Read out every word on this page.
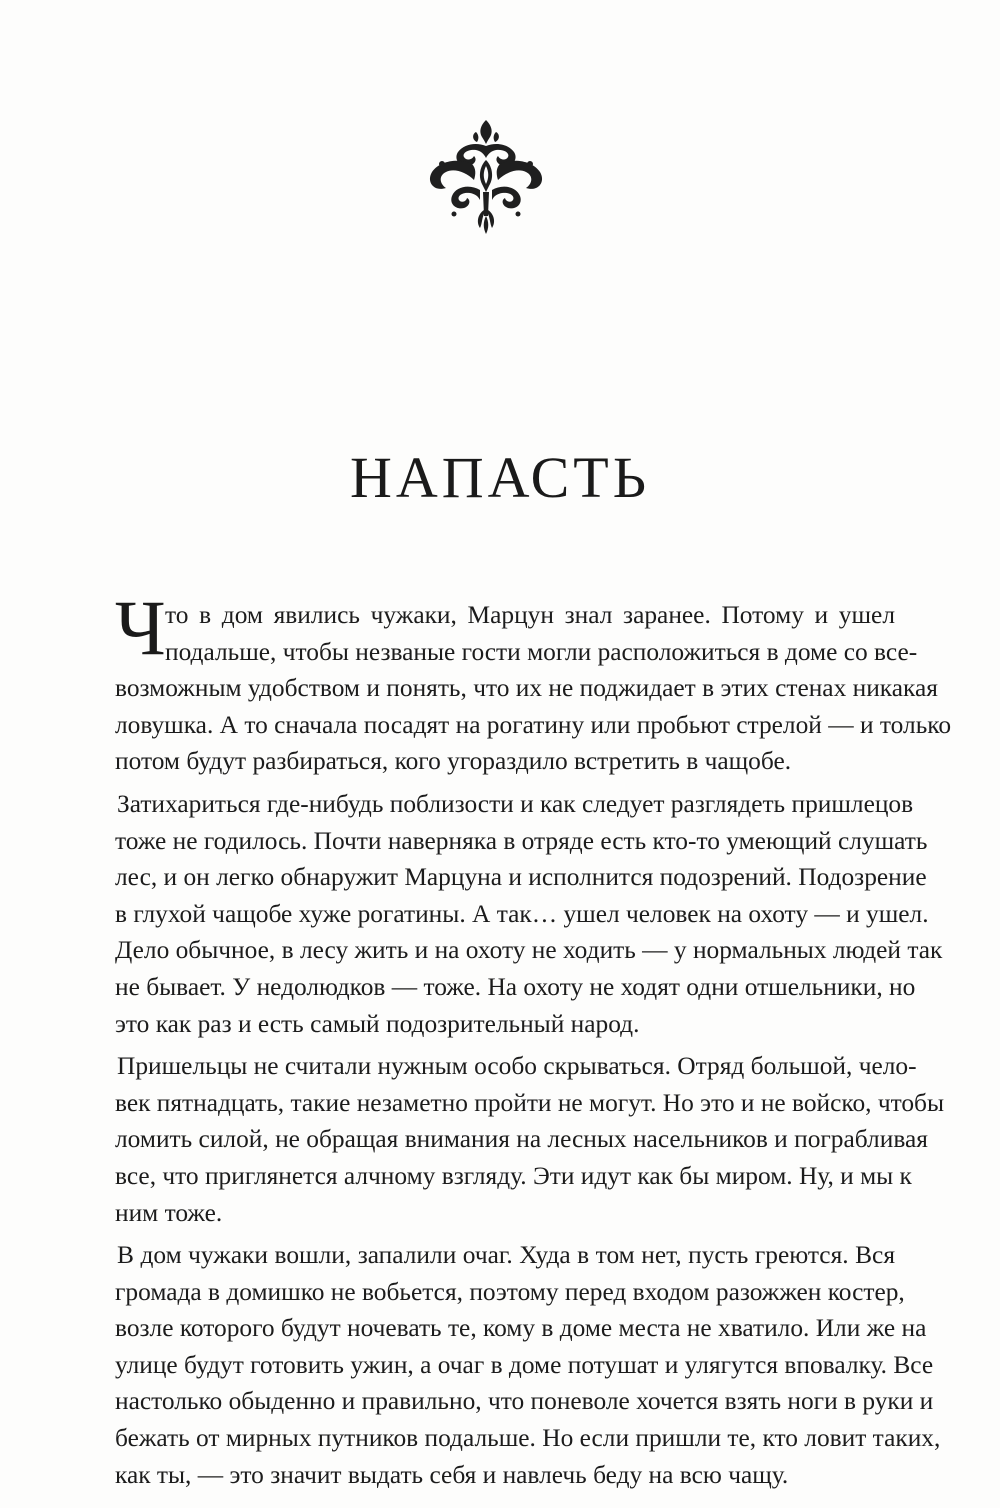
НАПАСТЬ

Ч то в дом явились чужаки, Марцун знал заранее. Потому и ушел
подальше, чтобы незваные гости могли расположиться в доме со все-
возможным удобством и понять, что их не поджидает в этих стенах никакая
ловушка. А то сначала посадят на рогатину или пробьют стрелой — и только
потом будут разбираться, кого угораздило встретить в чащобе.

Затихариться где-нибудь поблизости и как следует разглядеть пришлецов
тоже не годилось. Почти наверняка в отряде есть кто-то умеющий слушать
лес, и он легко обнаружит Марцуна и исполнится подозрений. Подозрение
в глухой чащобе хуже рогатины. А так… ушел человек на охоту — и ушел.
Дело обычное, в лесу жить и на охоту не ходить — у нормальных людей так
не бывает. У недолюдков — тоже. На охоту не ходят одни отшельники, но
это как раз и есть самый подозрительный народ.

Пришельцы не считали нужным особо скрываться. Отряд большой, чело-
век пятнадцать, такие незаметно пройти не могут. Но это и не войско, чтобы
ломить силой, не обращая внимания на лесных насельников и пограбливая
все, что приглянется алчному взгляду. Эти идут как бы миром. Ну, и мы к
ним тоже.

В дом чужаки вошли, запалили очаг. Худа в том нет, пусть греются. Вся
громада в домишко не вобьется, поэтому перед входом разожжен костер,
возле которого будут ночевать те, кому в доме места не хватило. Или же на
улице будут готовить ужин, а очаг в доме потушат и улягутся вповалку. Все
настолько обыденно и правильно, что поневоле хочется взять ноги в руки и
бежать от мирных путников подальше. Но если пришли те, кто ловит таких,
как ты, — это значит выдать себя и навлечь беду на всю чащу.
